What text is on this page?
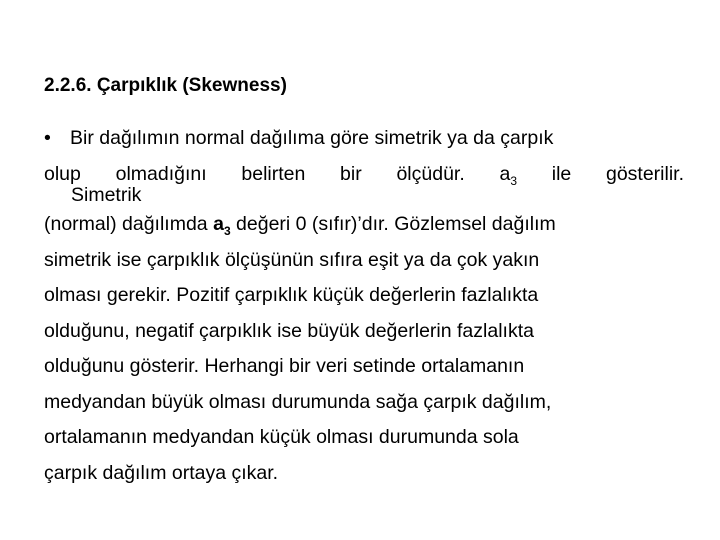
2.2.6. Çarpıklık (Skewness)
• Bir dağılımın normal dağılıma göre simetrik ya da çarpık
olup olmadığını belirten bir ölçüdür. $a_3$ ile gösterilir.
Simetrik
(normal) dağılımda $a_3$ değeri 0 (sıfır)’dır. Gözlemsel dağılım
simetrik ise çarpıklık ölçüşünün sıfıra eşit ya da çok yakın
olması gerekir. Pozitif çarpıklık küçük değerlerin fazlalıkta
olduğunu, negatif çarpıklık ise büyük değerlerin fazlalıkta
olduğunu gösterir. Herhangi bir veri setinde ortalamanın
medyandan büyük olması durumunda sağa çarpık dağılım,
ortalamanın medyandan küçük olması durumunda sola
çarpık dağılım ortaya çıkar.
